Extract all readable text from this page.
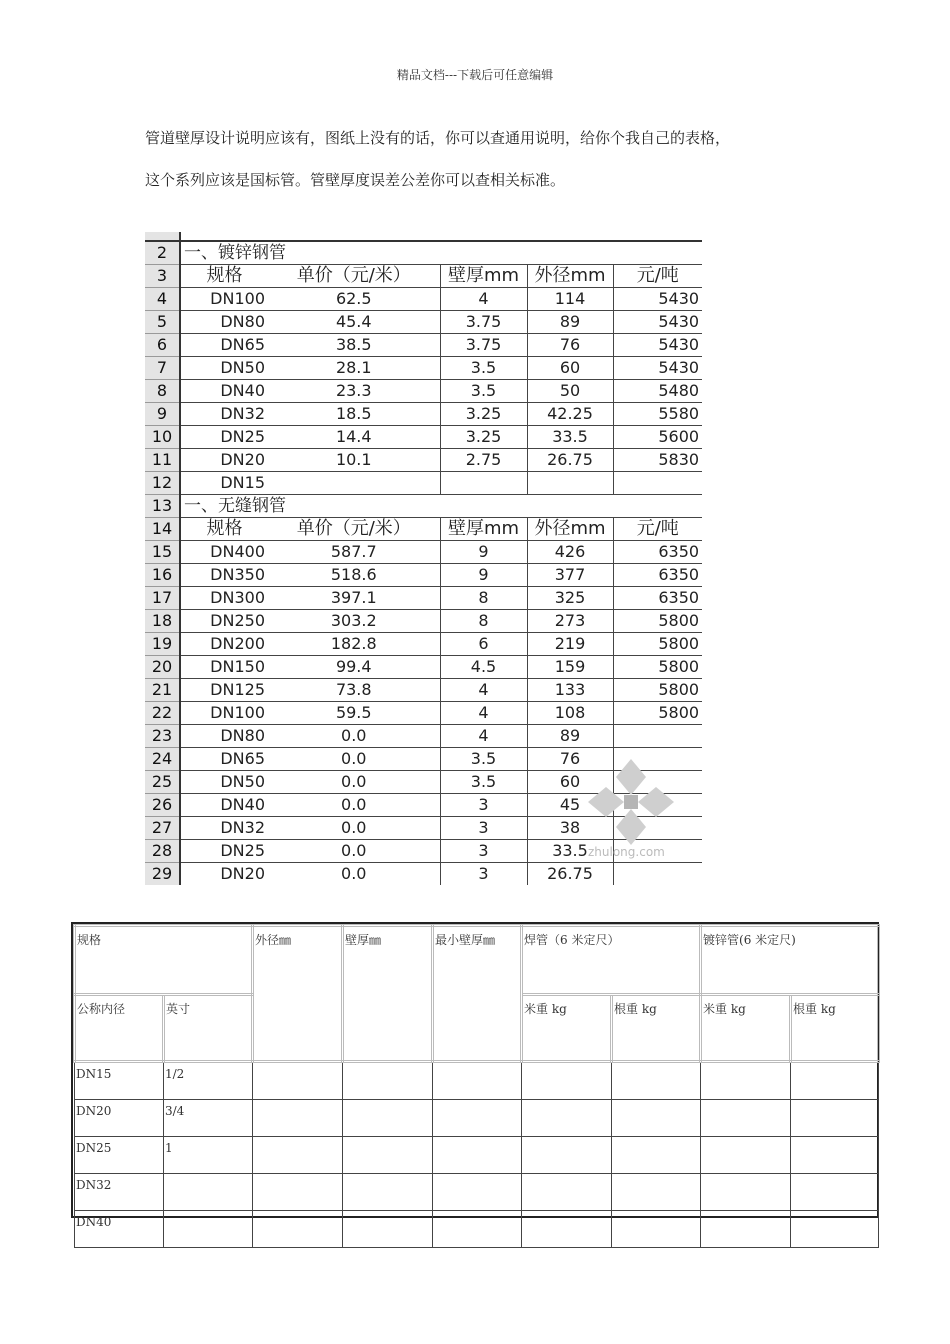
精品文档---下载后可任意编辑
管道壁厚设计说明应该有，图纸上没有的话，你可以查通用说明，给你个我自己的表格，
这个系列应该是国标管。管壁厚度误差公差你可以查相关标准。

2	一、镀锌钢管				
3	规格	单价（元/米）	壁厚mm	外径mm	元/吨
4	DN100	62.5	4	114	5430
5	DN80	45.4	3.75	89	5430
6	DN65	38.5	3.75	76	5430
7	DN50	28.1	3.5	60	5430
8	DN40	23.3	3.5	50	5480
9	DN32	18.5	3.25	42.25	5580
10	DN25	14.4	3.25	33.5	5600
11	DN20	10.1	2.75	26.75	5830
12	DN15				
13	一、无缝钢管				
14	规格	单价（元/米）	壁厚mm	外径mm	元/吨
15	DN400	587.7	9	426	6350
16	DN350	518.6	9	377	6350
17	DN300	397.1	8	325	6350
18	DN250	303.2	8	273	5800
19	DN200	182.8	6	219	5800
20	DN150	99.4	4.5	159	5800
21	DN125	73.8	4	133	5800
22	DN100	59.5	4	108	5800
23	DN80	0.0	4	89	
24	DN65	0.0	3.5	76	
25	DN50	0.0	3.5	60	
26	DN40	0.0	3	45	
27	DN32	0.0	3	38	
28	DN25	0.0	3	33.5	
29	DN20	0.0	3	26.75	
zhulong.com
规格		外径㎜	壁厚㎜	最小壁厚㎜	焊管（6 米定尺）		镀锌管(6 米定尺)	
公称内径	英寸				米重 kg	根重 kg	米重 kg	根重 kg
DN15	1/2							
DN20	3/4							
DN25	1							
DN32								
DN40								
